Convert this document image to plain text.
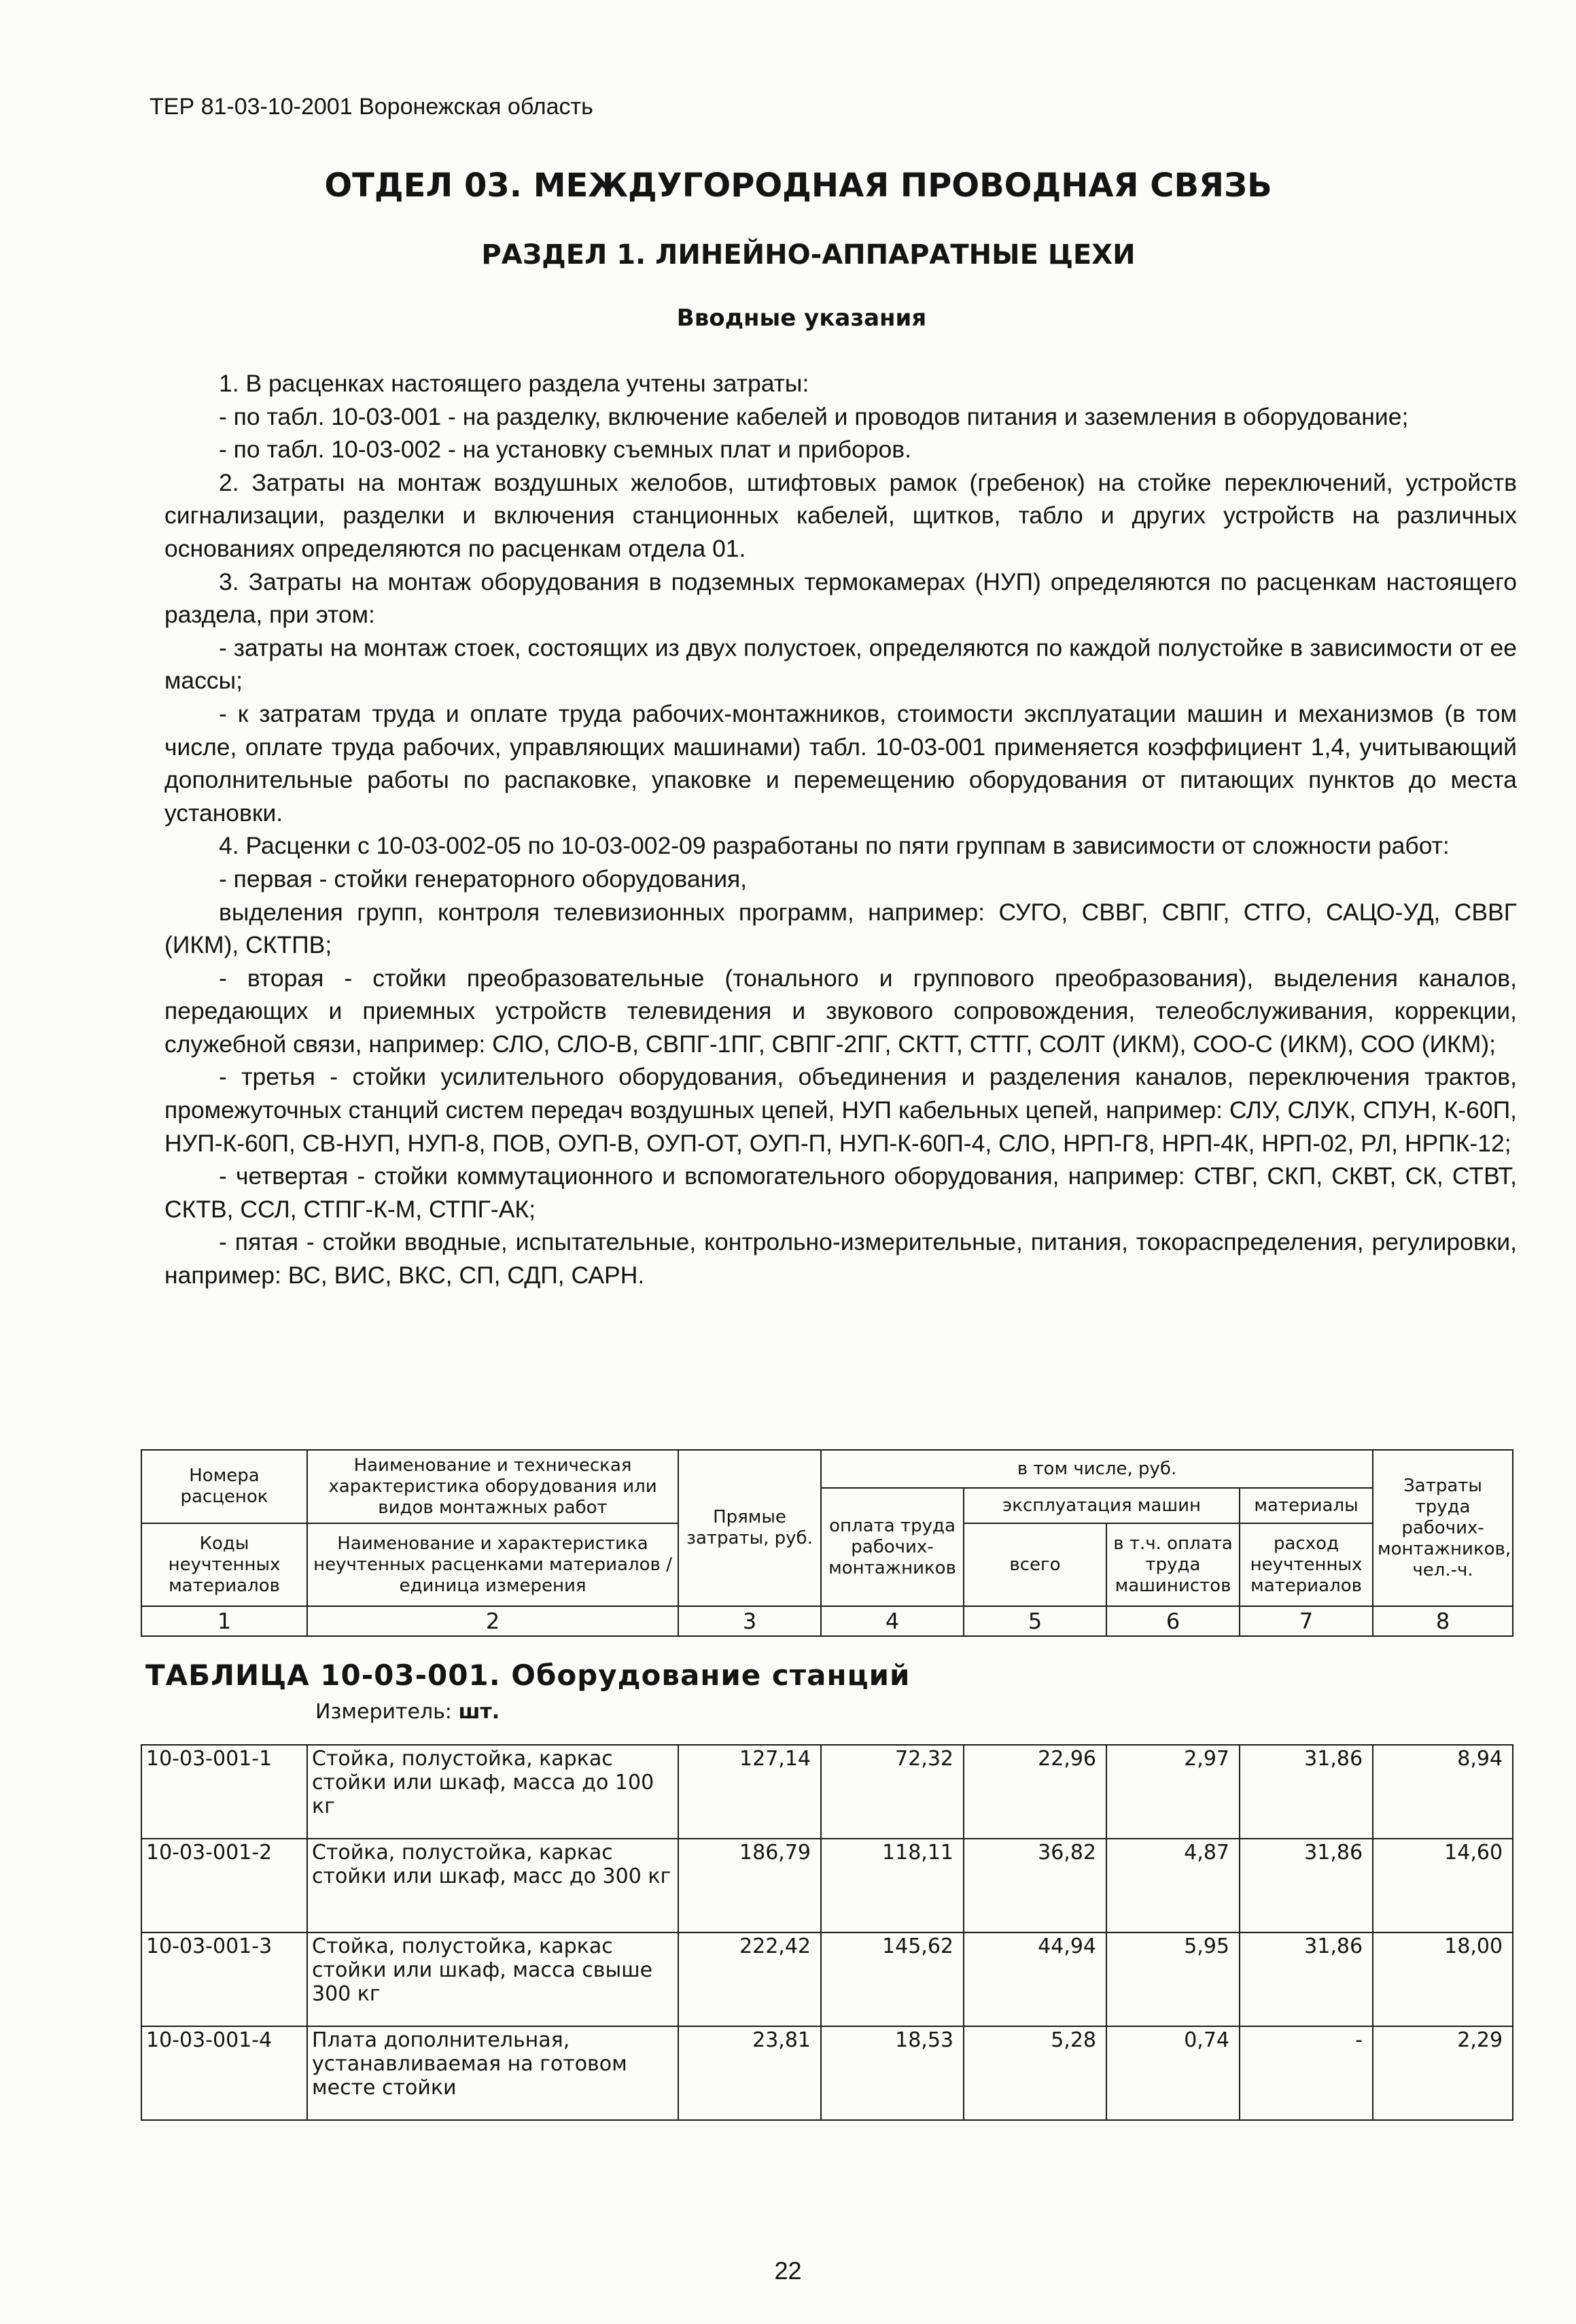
ТЕР 81-03-10-2001 Воронежская область
ОТДЕЛ 03. МЕЖДУГОРОДНАЯ ПРОВОДНАЯ СВЯЗЬ
РАЗДЕЛ 1. ЛИНЕЙНО-АППАРАТНЫЕ ЦЕХИ
Вводные указания

1. В расценках настоящего раздела учтены затраты:

- по табл. 10-03-001 - на разделку, включение кабелей и проводов питания и заземления в оборудование;

- по табл. 10-03-002 - на установку съемных плат и приборов.

2. Затраты на монтаж воздушных желобов, штифтовых рамок (гребенок) на стойке переключений, устройств сигнализации, разделки и включения станционных кабелей, щитков, табло и других устройств на различных основаниях определяются по расценкам отдела 01.

3. Затраты на монтаж оборудования в подземных термокамерах (НУП) определяются по расценкам настоящего раздела, при этом:

- затраты на монтаж стоек, состоящих из двух полустоек, определяются по каждой полустойке в зависимости от ее массы;

- к затратам труда и оплате труда рабочих-монтажников, стоимости эксплуатации машин и механизмов (в том числе, оплате труда рабочих, управляющих машинами) табл. 10-03-001 применяется коэффициент 1,4, учитывающий дополнительные работы по распаковке, упаковке и перемещению оборудования от питающих пунктов до места установки.

4. Расценки с 10-03-002-05 по 10-03-002-09 разработаны по пяти группам в зависимости от сложности работ:

- первая - стойки генераторного оборудования,

выделения групп, контроля телевизионных программ, например: СУГО, СВВГ, СВПГ, СТГО, САЦО-УД, СВВГ (ИКМ), СКТПВ;

- вторая - стойки преобразовательные (тонального и группового преобразования), выделения каналов, передающих и приемных устройств телевидения и звукового сопровождения, телеобслуживания, коррекции, служебной связи, например: СЛО, СЛО-В, СВПГ-1ПГ, СВПГ-2ПГ, СКТТ, СТТГ, СОЛТ (ИКМ), СОО-С (ИКМ), СОО (ИКМ);

- третья - стойки усилительного оборудования, объединения и разделения каналов, переключения трактов, промежуточных станций систем передач воздушных цепей, НУП кабельных цепей, например: СЛУ, СЛУК, СПУН, К-60П, НУП-К-60П, СВ-НУП, НУП-8, ПОВ, ОУП-В, ОУП-ОТ, ОУП-П, НУП-К-60П-4, СЛО, НРП-Г8, НРП-4К, НРП-02, РЛ, НРПК-12;

- четвертая - стойки коммутационного и вспомогательного оборудования, например: СТВГ, СКП, СКВТ, СК, СТВТ, СКТВ, ССЛ, СТПГ-К-М, СТПГ-АК;

- пятая - стойки вводные, испытательные, контрольно-измерительные, питания, токораспределения, регулировки, например: ВС, ВИС, ВКС, СП, СДП, САРН.

Номера расценок	Наименование и техническая характеристика оборудования или видов монтажных работ	Прямые затраты, руб.	в том числе, руб.				Затраты труда рабочих-монтажников, чел.-ч.
			оплата труда рабочих-монтажников	эксплуатация машин		материалы	
Коды неучтенных материалов	Наименование и характеристика неучтенных расценками материалов / единица измерения			всего	в т.ч. оплата труда машинистов	расход неучтенных материалов	

1	2	3	4	5	6	7	8

ТАБЛИЦА 10-03-001. Оборудование станций
Измеритель: шт.							

10-03-001-1	Стойка, полустойка, каркас стойки или шкаф, масса до 100 кг	127,14	72,32	22,96	2,97	31,86	8,94
10-03-001-2	Стойка, полустойка, каркас стойки или шкаф, масс до 300 кг	186,79	118,11	36,82	4,87	31,86	14,60
10-03-001-3	Стойка, полустойка, каркас стойки или шкаф, масса свыше 300 кг	222,42	145,62	44,94	5,95	31,86	18,00
10-03-001-4	Плата дополнительная, устанавливаемая на готовом месте стойки	23,81	18,53	5,28	0,74	-	2,29
22
